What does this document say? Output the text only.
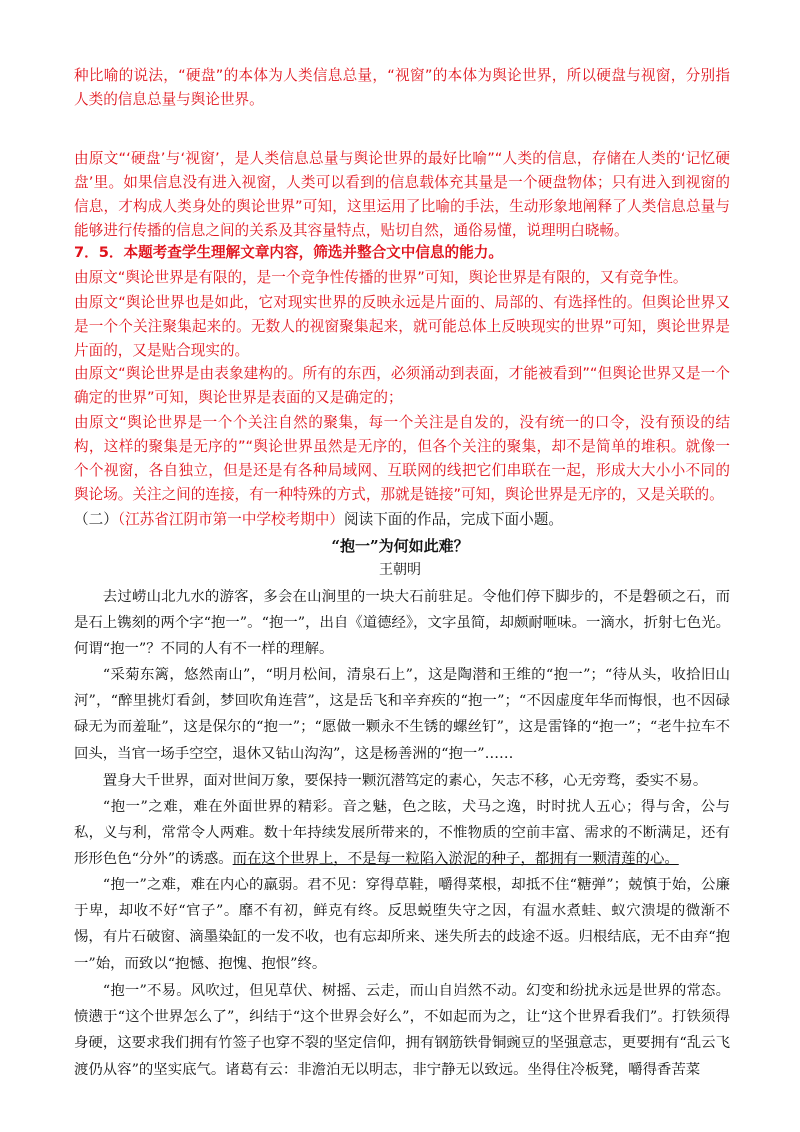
种比喻的说法，“硬盘”的本体为人类信息总量，“视窗”的本体为舆论世界，所以硬盘与视窗，分别指人类的信息总量与舆论世界。

由原文“‘硬盘’与‘视窗’，是人类信息总量与舆论世界的最好比喻”“人类的信息，存储在人类的‘记忆硬盘’里。如果信息没有进入视窗，人类可以看到的信息载体充其量是一个硬盘物体；只有进入到视窗的信息，才构成人类身处的舆论世界”可知，这里运用了比喻的手法，生动形象地阐释了人类信息总量与能够进行传播的信息之间的关系及其容量特点，贴切自然，通俗易懂，说理明白晓畅。

7．5．本题考查学生理解文章内容，筛选并整合文中信息的能力。

由原文“舆论世界是有限的，是一个竞争性传播的世界”可知，舆论世界是有限的，又有竞争性。

由原文“舆论世界也是如此，它对现实世界的反映永远是片面的、局部的、有选择性的。但舆论世界又是一个个关注聚集起来的。无数人的视窗聚集起来，就可能总体上反映现实的世界”可知，舆论世界是片面的，又是贴合现实的。

由原文“舆论世界是由表象建构的。所有的东西，必须涌动到表面，才能被看到”“但舆论世界又是一个确定的世界”可知，舆论世界是表面的又是确定的；

由原文“舆论世界是一个个关注自然的聚集，每一个关注是自发的，没有统一的口令，没有预设的结构，这样的聚集是无序的”“舆论世界虽然是无序的，但各个关注的聚集，却不是简单的堆积。就像一个个视窗，各自独立，但是还是有各种局域网、互联网的线把它们串联在一起，形成大大小小不同的舆论场。关注之间的连接，有一种特殊的方式，那就是链接”可知，舆论世界是无序的，又是关联的。

（二）（江苏省江阴市第一中学校考期中）阅读下面的作品，完成下面小题。

“抱一”为何如此难？

王朝明

去过崂山北九水的游客，多会在山涧里的一块大石前驻足。令他们停下脚步的，不是磐硕之石，而是石上镌刻的两个字“抱一”。“抱一”，出自《道德经》，文字虽简，却颇耐咂味。一滴水，折射七色光。何谓“抱一”？不同的人有不一样的理解。

“采菊东篱，悠然南山”，“明月松间，清泉石上”，这是陶潜和王维的“抱一”；“待从头，收拾旧山河”，“醉里挑灯看剑，梦回吹角连营”，这是岳飞和辛弃疾的“抱一”；“不因虚度年华而悔恨，也不因碌碌无为而羞耻”，这是保尔的“抱一”；“愿做一颗永不生锈的螺丝钉”，这是雷锋的“抱一”；“老牛拉车不回头，当官一场手空空，退休又钻山沟沟”，这是杨善洲的“抱一”……

置身大千世界，面对世间万象，要保持一颗沉潜笃定的素心，矢志不移，心无旁骛，委实不易。

“抱一”之难，难在外面世界的精彩。音之魅，色之眩，犬马之逸，时时扰人五心；得与舍，公与私，义与利，常常令人两难。数十年持续发展所带来的，不惟物质的空前丰富、需求的不断满足，还有形形色色“分外”的诱惑。而在这个世界上，不是每一粒陷入淤泥的种子，都拥有一颗清莲的心。

“抱一”之难，难在内心的羸弱。君不见：穿得草鞋，嚼得菜根，却抵不住“糖弹”；兢慎于始，公廉于卑，却收不好“官子”。靡不有初，鲜克有终。反思蜕堕失守之因，有温水煮蛙、蚁穴溃堤的微渐不惕，有片石破窗、滴墨染缸的一发不收，也有忘却所来、迷失所去的歧途不返。归根结底，无不由弃“抱一”始，而致以“抱憾、抱愧、抱恨”终。

“抱一”不易。风吹过，但见草伏、树摇、云走，而山自岿然不动。幻变和纷扰永远是世界的常态。愤懑于“这个世界怎么了”，纠结于“这个世界会好么”，不如起而为之，让“这个世界看我们”。打铁须得身硬，这要求我们拥有竹签子也穿不裂的坚定信仰，拥有钢筋铁骨铜豌豆的坚强意志，更要拥有“乱云飞渡仍从容”的坚实底气。诸葛有云：非澹泊无以明志，非宁静无以致远。坐得住冷板凳，嚼得香苦菜
